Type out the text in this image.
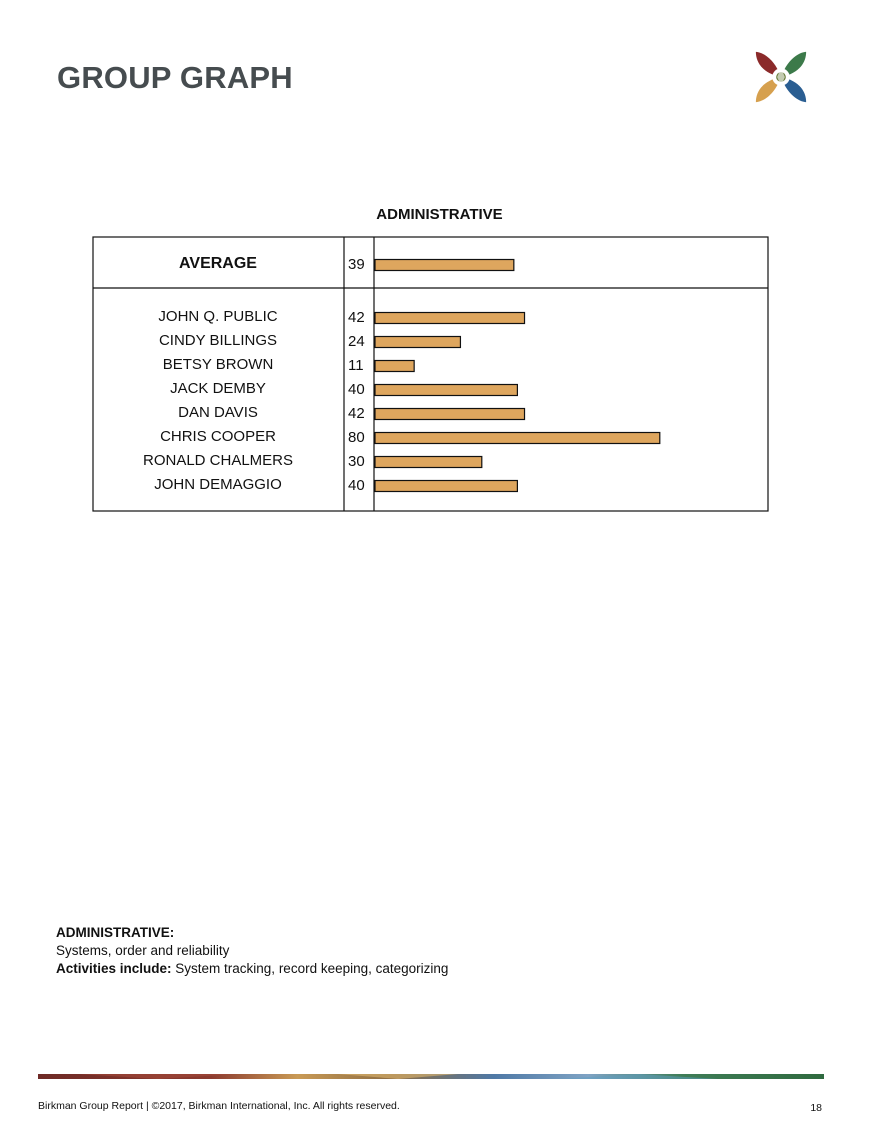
GROUP GRAPH
ADMINISTRATIVE
AVERAGE	39
JOHN Q. PUBLIC	42
CINDY BILLINGS	24
BETSY BROWN	11
JACK DEMBY	40
DAN DAVIS	42
CHRIS COOPER	80
RONALD CHALMERS	30
JOHN DEMAGGIO	40
ADMINISTRATIVE:
Systems, order and reliability
Activities include: System tracking, record keeping, categorizing
Birkman Group Report | ©2017, Birkman International, Inc. All rights reserved.	18
